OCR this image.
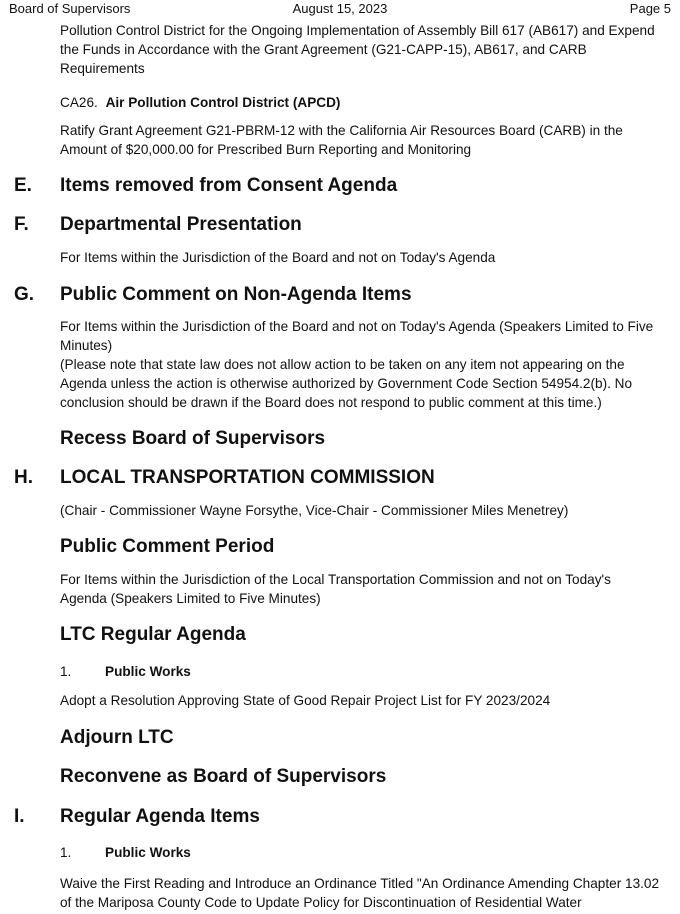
Board of Supervisors	August 15, 2023	Page 5
Pollution Control District for the Ongoing Implementation of Assembly Bill 617 (AB617) and Expend the Funds in Accordance with the Grant Agreement (G21-CAPP-15), AB617, and CARB Requirements
CA26. Air Pollution Control District (APCD)
Ratify Grant Agreement G21-PBRM-12 with the California Air Resources Board (CARB) in the Amount of $20,000.00 for Prescribed Burn Reporting and Monitoring
E. Items removed from Consent Agenda
F. Departmental Presentation
For Items within the Jurisdiction of the Board and not on Today's Agenda
G. Public Comment on Non-Agenda Items
For Items within the Jurisdiction of the Board and not on Today's Agenda (Speakers Limited to Five Minutes)
(Please note that state law does not allow action to be taken on any item not appearing on the Agenda unless the action is otherwise authorized by Government Code Section 54954.2(b). No conclusion should be drawn if the Board does not respond to public comment at this time.)
Recess Board of Supervisors
H. LOCAL TRANSPORTATION COMMISSION
(Chair - Commissioner Wayne Forsythe, Vice-Chair - Commissioner Miles Menetrey)
Public Comment Period
For Items within the Jurisdiction of the Local Transportation Commission and not on Today's Agenda (Speakers Limited to Five Minutes)
LTC Regular Agenda
1. Public Works
Adopt a Resolution Approving State of Good Repair Project List for FY 2023/2024
Adjourn LTC
Reconvene as Board of Supervisors
I. Regular Agenda Items
1. Public Works
Waive the First Reading and Introduce an Ordinance Titled "An Ordinance Amending Chapter 13.02 of the Mariposa County Code to Update Policy for Discontinuation of Residential Water
